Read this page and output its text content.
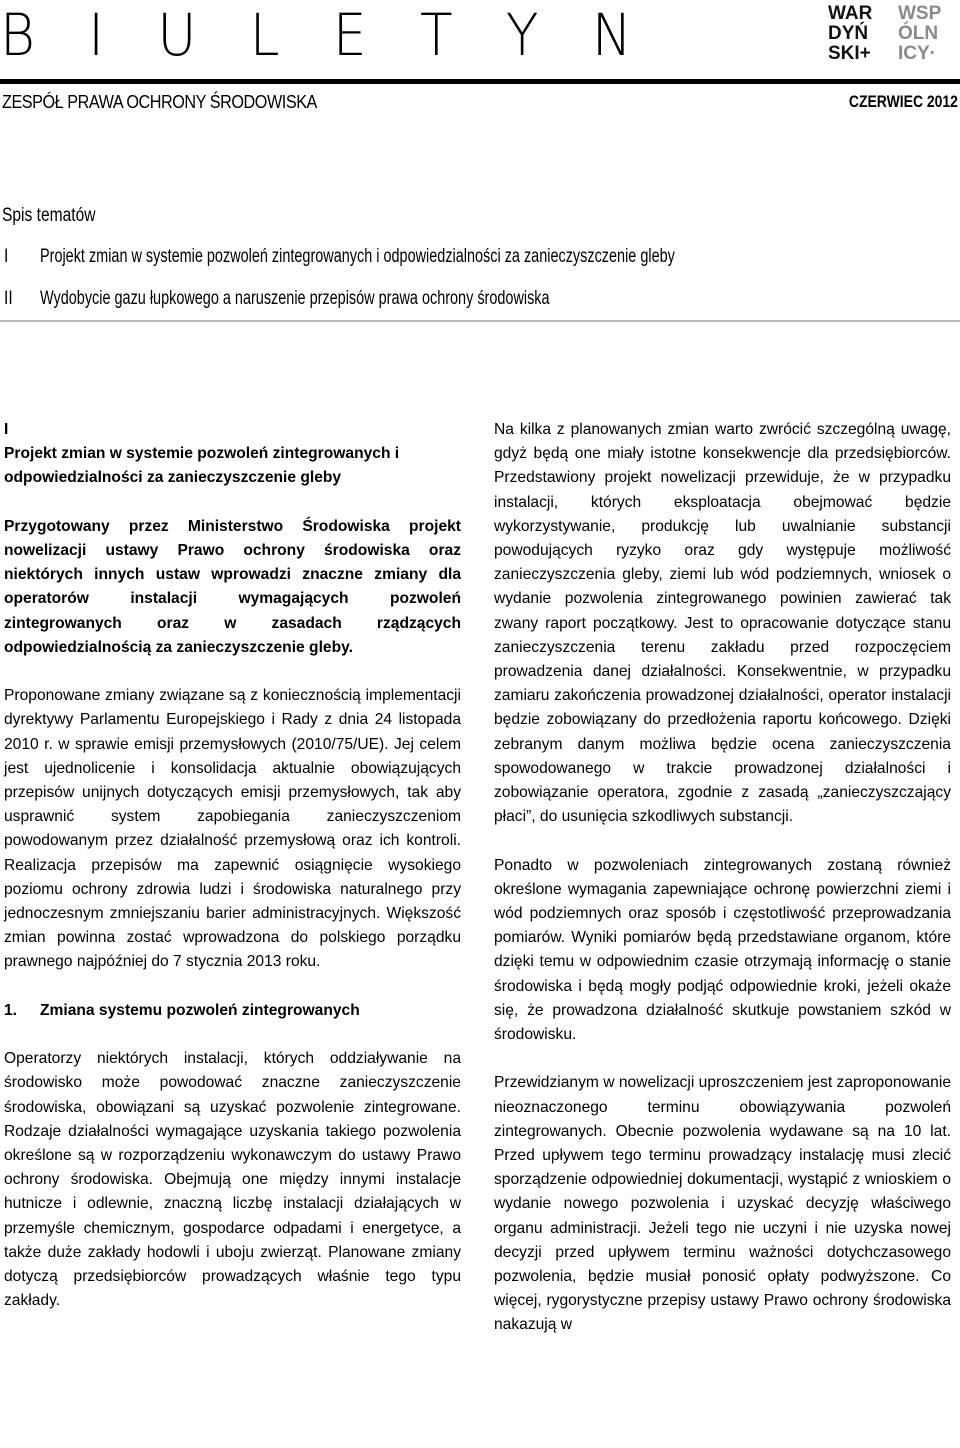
BIULETYN	WAR
DYŃ
SKI+
WSP
ÓLN
ICY·
ZESPÓŁ PRAWA OCHRONY ŚRODOWISKA	CZERWIEC 2012
Spis tematów
I Projekt zmian w systemie pozwoleń zintegrowanych i odpowiedzialności za zanieczyszczenie gleby
II Wydobycie gazu łupkowego a naruszenie przepisów prawa ochrony środowiska

I

Projekt zmian w systemie pozwoleń zintegrowanych i odpowiedzialności za zanieczyszczenie gleby

Przygotowany przez Ministerstwo Środowiska projekt nowelizacji ustawy Prawo ochrony środowiska oraz niektórych innych ustaw wprowadzi znaczne zmiany dla operatorów instalacji wymagających pozwoleń zintegrowanych oraz w zasadach rządzących odpowiedzialnością za zanieczyszczenie gleby.

Proponowane zmiany związane są z koniecznością implementacji dyrektywy Parlamentu Europejskiego i Rady z dnia 24 listopada 2010 r. w sprawie emisji przemysłowych (2010/75/UE). Jej celem jest ujednolicenie i konsolidacja aktualnie obowiązujących przepisów unijnych dotyczących emisji przemysłowych, tak aby usprawnić system zapobiegania zanieczyszczeniom powodowanym przez działalność przemysłową oraz ich kontroli. Realizacja przepisów ma zapewnić osiągnięcie wysokiego poziomu ochrony zdrowia ludzi i środowiska naturalnego przy jednoczesnym zmniejszaniu barier administracyjnych. Większość zmian powinna zostać wprowadzona do polskiego porządku prawnego najpóźniej do 7 stycznia 2013 roku.

1. Zmiana systemu pozwoleń zintegrowanych

Operatorzy niektórych instalacji, których oddziaływanie na środowisko może powodować znaczne zanieczyszczenie środowiska, obowiązani są uzyskać pozwolenie zintegrowane. Rodzaje działalności wymagające uzyskania takiego pozwolenia określone są w rozporządzeniu wykonawczym do ustawy Prawo ochrony środowiska. Obejmują one między innymi instalacje hutnicze i odlewnie, znaczną liczbę instalacji działających w przemyśle chemicznym, gospodarce odpadami i energetyce, a także duże zakłady hodowli i uboju zwierząt. Planowane zmiany dotyczą przedsiębiorców prowadzących właśnie tego typu zakłady.

Na kilka z planowanych zmian warto zwrócić szczególną uwagę, gdyż będą one miały istotne konsekwencje dla przedsiębiorców. Przedstawiony projekt nowelizacji przewiduje, że w przypadku instalacji, których eksploatacja obejmować będzie wykorzystywanie, produkcję lub uwalnianie substancji powodujących ryzyko oraz gdy występuje możliwość zanieczyszczenia gleby, ziemi lub wód podziemnych, wniosek o wydanie pozwolenia zintegrowanego powinien zawierać tak zwany raport początkowy. Jest to opracowanie dotyczące stanu zanieczyszczenia terenu zakładu przed rozpoczęciem prowadzenia danej działalności. Konsekwentnie, w przypadku zamiaru zakończenia prowadzonej działalności, operator instalacji będzie zobowiązany do przedłożenia raportu końcowego. Dzięki zebranym danym możliwa będzie ocena zanieczyszczenia spowodowanego w trakcie prowadzonej działalności i zobowiązanie operatora, zgodnie z zasadą „zanieczyszczający płaci”, do usunięcia szkodliwych substancji.

Ponadto w pozwoleniach zintegrowanych zostaną również określone wymagania zapewniające ochronę powierzchni ziemi i wód podziemnych oraz sposób i częstotliwość przeprowadzania pomiarów. Wyniki pomiarów będą przedstawiane organom, które dzięki temu w odpowiednim czasie otrzymają informację o stanie środowiska i będą mogły podjąć odpowiednie kroki, jeżeli okaże się, że prowadzona działalność skutkuje powstaniem szkód w środowisku.

Przewidzianym w nowelizacji uproszczeniem jest zaproponowanie nieoznaczonego terminu obowiązywania pozwoleń zintegrowanych. Obecnie pozwolenia wydawane są na 10 lat. Przed upływem tego terminu prowadzący instalację musi zlecić sporządzenie odpowiedniej dokumentacji, wystąpić z wnioskiem o wydanie nowego pozwolenia i uzyskać decyzję właściwego organu administracji. Jeżeli tego nie uczyni i nie uzyska nowej decyzji przed upływem terminu ważności dotychczasowego pozwolenia, będzie musiał ponosić opłaty podwyższone. Co więcej, rygorystyczne przepisy ustawy Prawo ochrony środowiska nakazują w
